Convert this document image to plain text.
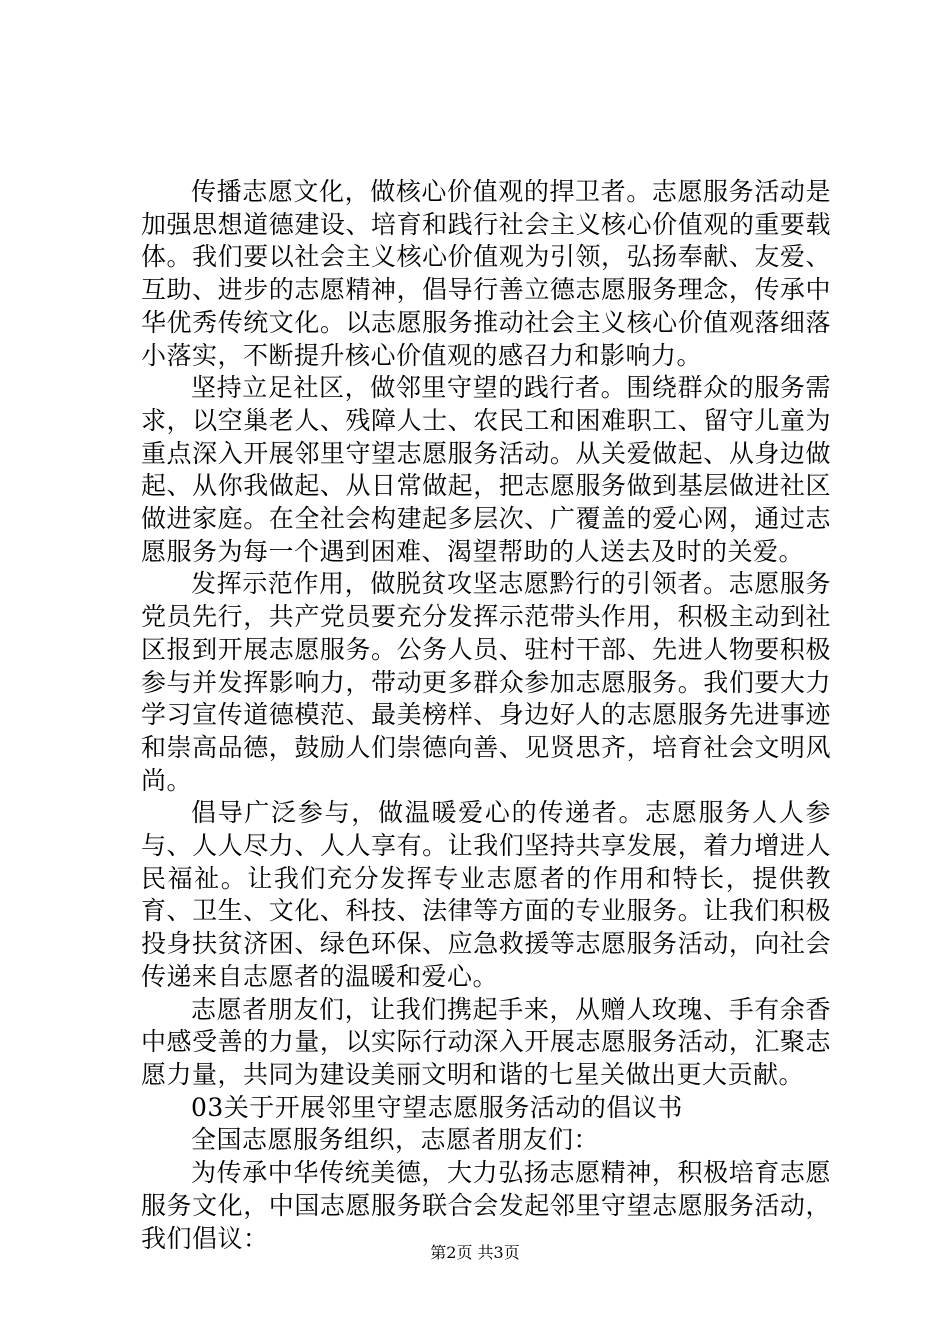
传播志愿文化，做核心价值观的捍卫者。志愿服务活动是加强思想道德建设、培育和践行社会主义核心价值观的重要载体。我们要以社会主义核心价值观为引领，弘扬奉献、友爱、互助、进步的志愿精神，倡导行善立德志愿服务理念，传承中华优秀传统文化。以志愿服务推动社会主义核心价值观落细落小落实，不断提升核心价值观的感召力和影响力。

坚持立足社区，做邻里守望的践行者。围绕群众的服务需求，以空巢老人、残障人士、农民工和困难职工、留守儿童为重点深入开展邻里守望志愿服务活动。从关爱做起、从身边做起、从你我做起、从日常做起，把志愿服务做到基层做进社区做进家庭。在全社会构建起多层次、广覆盖的爱心网，通过志愿服务为每一个遇到困难、渴望帮助的人送去及时的关爱。

发挥示范作用，做脱贫攻坚志愿黔行的引领者。志愿服务党员先行，共产党员要充分发挥示范带头作用，积极主动到社区报到开展志愿服务。公务人员、驻村干部、先进人物要积极参与并发挥影响力，带动更多群众参加志愿服务。我们要大力学习宣传道德模范、最美榜样、身边好人的志愿服务先进事迹和崇高品德，鼓励人们崇德向善、见贤思齐，培育社会文明风尚。

倡导广泛参与，做温暖爱心的传递者。志愿服务人人参与、人人尽力、人人享有。让我们坚持共享发展，着力增进人民福祉。让我们充分发挥专业志愿者的作用和特长，提供教育、卫生、文化、科技、法律等方面的专业服务。让我们积极投身扶贫济困、绿色环保、应急救援等志愿服务活动，向社会传递来自志愿者的温暖和爱心。

志愿者朋友们，让我们携起手来，从赠人玫瑰、手有余香中感受善的力量，以实际行动深入开展志愿服务活动，汇聚志愿力量，共同为建设美丽文明和谐的七星关做出更大贡献。

03关于开展邻里守望志愿服务活动的倡议书

全国志愿服务组织，志愿者朋友们：

为传承中华传统美德，大力弘扬志愿精神，积极培育志愿服务文化，中国志愿服务联合会发起邻里守望志愿服务活动，我们倡议：	第2页 共3页
